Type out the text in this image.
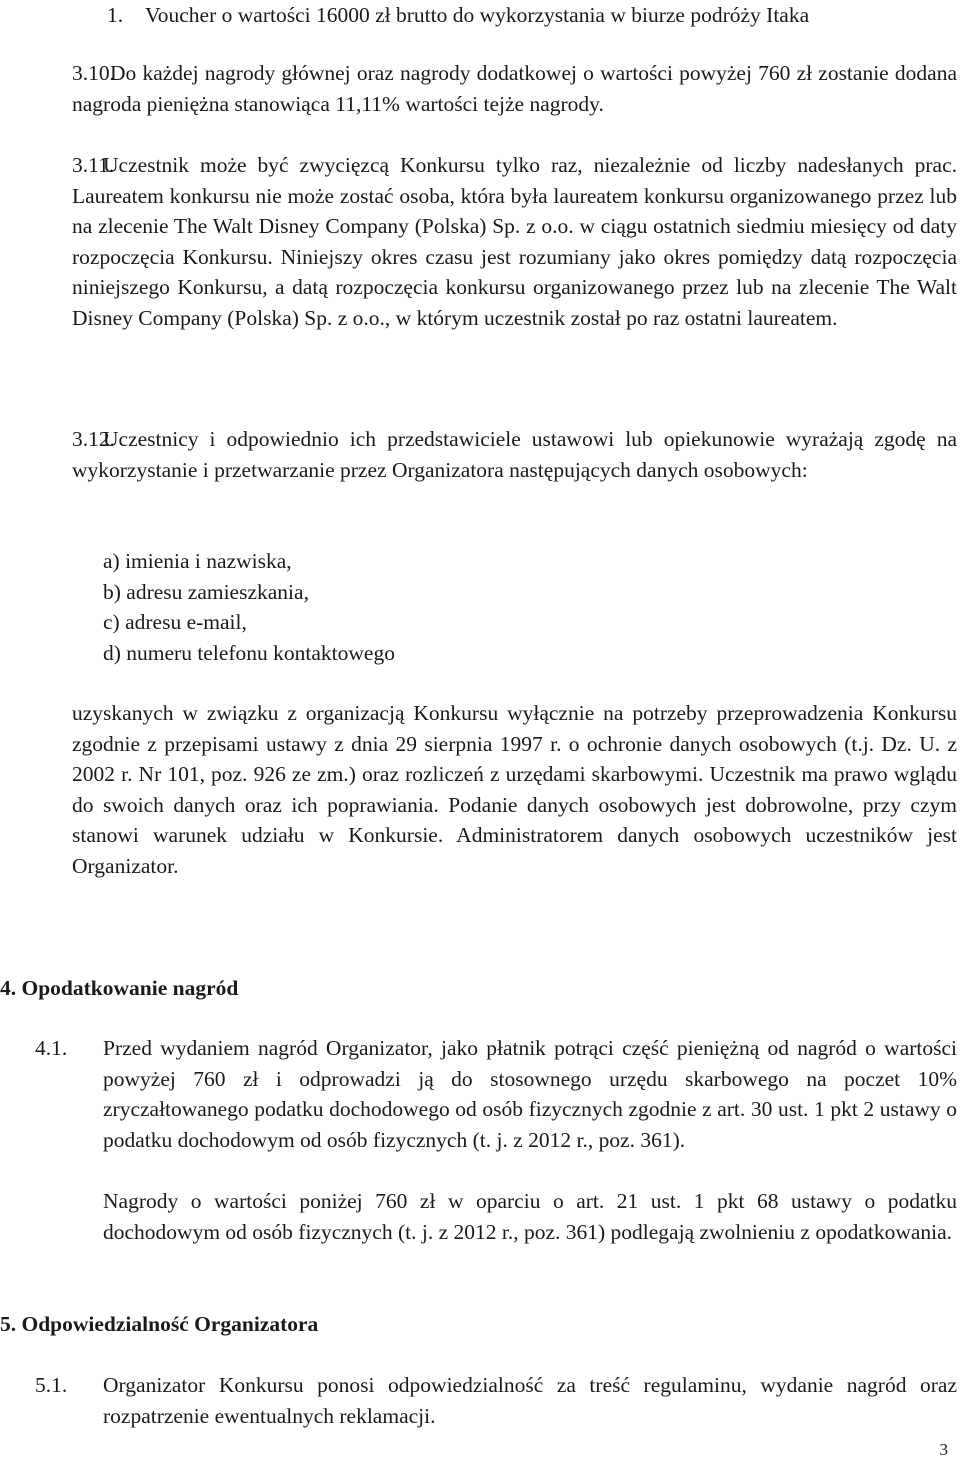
1. Voucher o wartości 16000 zł brutto do wykorzystania w biurze podróży Itaka
3.10.
Do każdej nagrody głównej oraz nagrody dodatkowej o wartości powyżej 760 zł zostanie dodana nagroda pieniężna stanowiąca 11,11% wartości tejże nagrody.
3.11.
Uczestnik może być zwycięzcą Konkursu tylko raz, niezależnie od liczby nadesłanych prac. Laureatem konkursu nie może zostać osoba, która była laureatem konkursu organizowanego przez lub na zlecenie The Walt Disney Company (Polska) Sp. z o.o. w ciągu ostatnich siedmiu miesięcy od daty rozpoczęcia Konkursu. Niniejszy okres czasu jest rozumiany jako okres pomiędzy datą rozpoczęcia niniejszego Konkursu, a datą rozpoczęcia konkursu organizowanego przez lub na zlecenie The Walt Disney Company (Polska) Sp. z o.o., w którym uczestnik został po raz ostatni laureatem.
3.12.
Uczestnicy i odpowiednio ich przedstawiciele ustawowi lub opiekunowie wyrażają zgodę na wykorzystanie i przetwarzanie przez Organizatora następujących danych osobowych:
a) imienia i nazwiska,
b) adresu zamieszkania,
c) adresu e-mail,
d) numeru telefonu kontaktowego
uzyskanych w związku z organizacją Konkursu wyłącznie na potrzeby przeprowadzenia Konkursu zgodnie z przepisami ustawy z dnia 29 sierpnia 1997 r. o ochronie danych osobowych (t.j. Dz. U. z 2002 r. Nr 101, poz. 926 ze zm.) oraz rozliczeń z urzędami skarbowymi. Uczestnik ma prawo wglądu do swoich danych oraz ich poprawiania. Podanie danych osobowych jest dobrowolne, przy czym stanowi warunek udziału w Konkursie. Administratorem danych osobowych uczestników jest Organizator.
4. Opodatkowanie nagród
4.1. Przed wydaniem nagród Organizator, jako płatnik potrąci część pieniężną od nagród o wartości powyżej 760 zł i odprowadzi ją do stosownego urzędu skarbowego na poczet 10% zryczałtowanego podatku dochodowego od osób fizycznych zgodnie z art. 30 ust. 1 pkt 2 ustawy o podatku dochodowym od osób fizycznych (t. j. z 2012 r., poz. 361).
Nagrody o wartości poniżej 760 zł w oparciu o art. 21 ust. 1 pkt 68 ustawy o podatku dochodowym od osób fizycznych (t. j. z 2012 r., poz. 361) podlegają zwolnieniu z opodatkowania.
5. Odpowiedzialność Organizatora
5.1. Organizator Konkursu ponosi odpowiedzialność za treść regulaminu, wydanie nagród oraz rozpatrzenie ewentualnych reklamacji.
3
